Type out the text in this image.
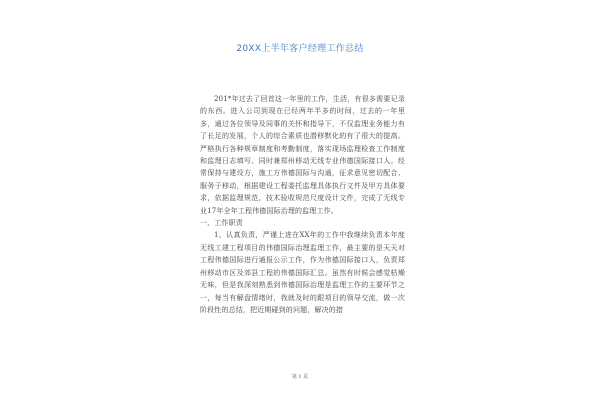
20XX上半年客户经理工作总结

201*年过去了回首这一年里的工作，生活，有很多需要记录的东西。进入公司到现在已经两年半多的时间，过去的一年里多，通过各位领导及同事的关怀和指导下，不仅监理业务能力有了长足的发展，个人的综合素质也潜移默化的有了很大的提高。严格执行各种规章制度和考勤制度，落实现场监理检查工作制度和监理日志填写。同时兼郑州移动无线专业伟德国际接口人。经常保持与建设方，施工方伟德国际与沟通，征求意见密切配合、服务于移动，根据建设工程委托监理具体执行文件及甲方具体要求，依据监理规范，技术验收规范尺度设计文件，完成了无线专业17年全年工程伟德国际治理的监理工作。

一、工作职责

1、认真负责，严谨上进在XX年的工作中我继续负责本年度无线工建工程项目的伟德国际治理监理工作，最主要的是天天对工程伟德国际进行通报公示工作，作为伟德国际接口人，负责郑州移动市区及郊县工程的伟德国际汇总。虽然有时候会感觉枯燥无味，但是我深刻熟悉到伟德国际治理是监理工作的主要环节之一，每当有解盘情绪时，我就及时的跟项目的领导交流，做一次阶段性的总结，把近期碰到的问题，解决的措

第 1 页
